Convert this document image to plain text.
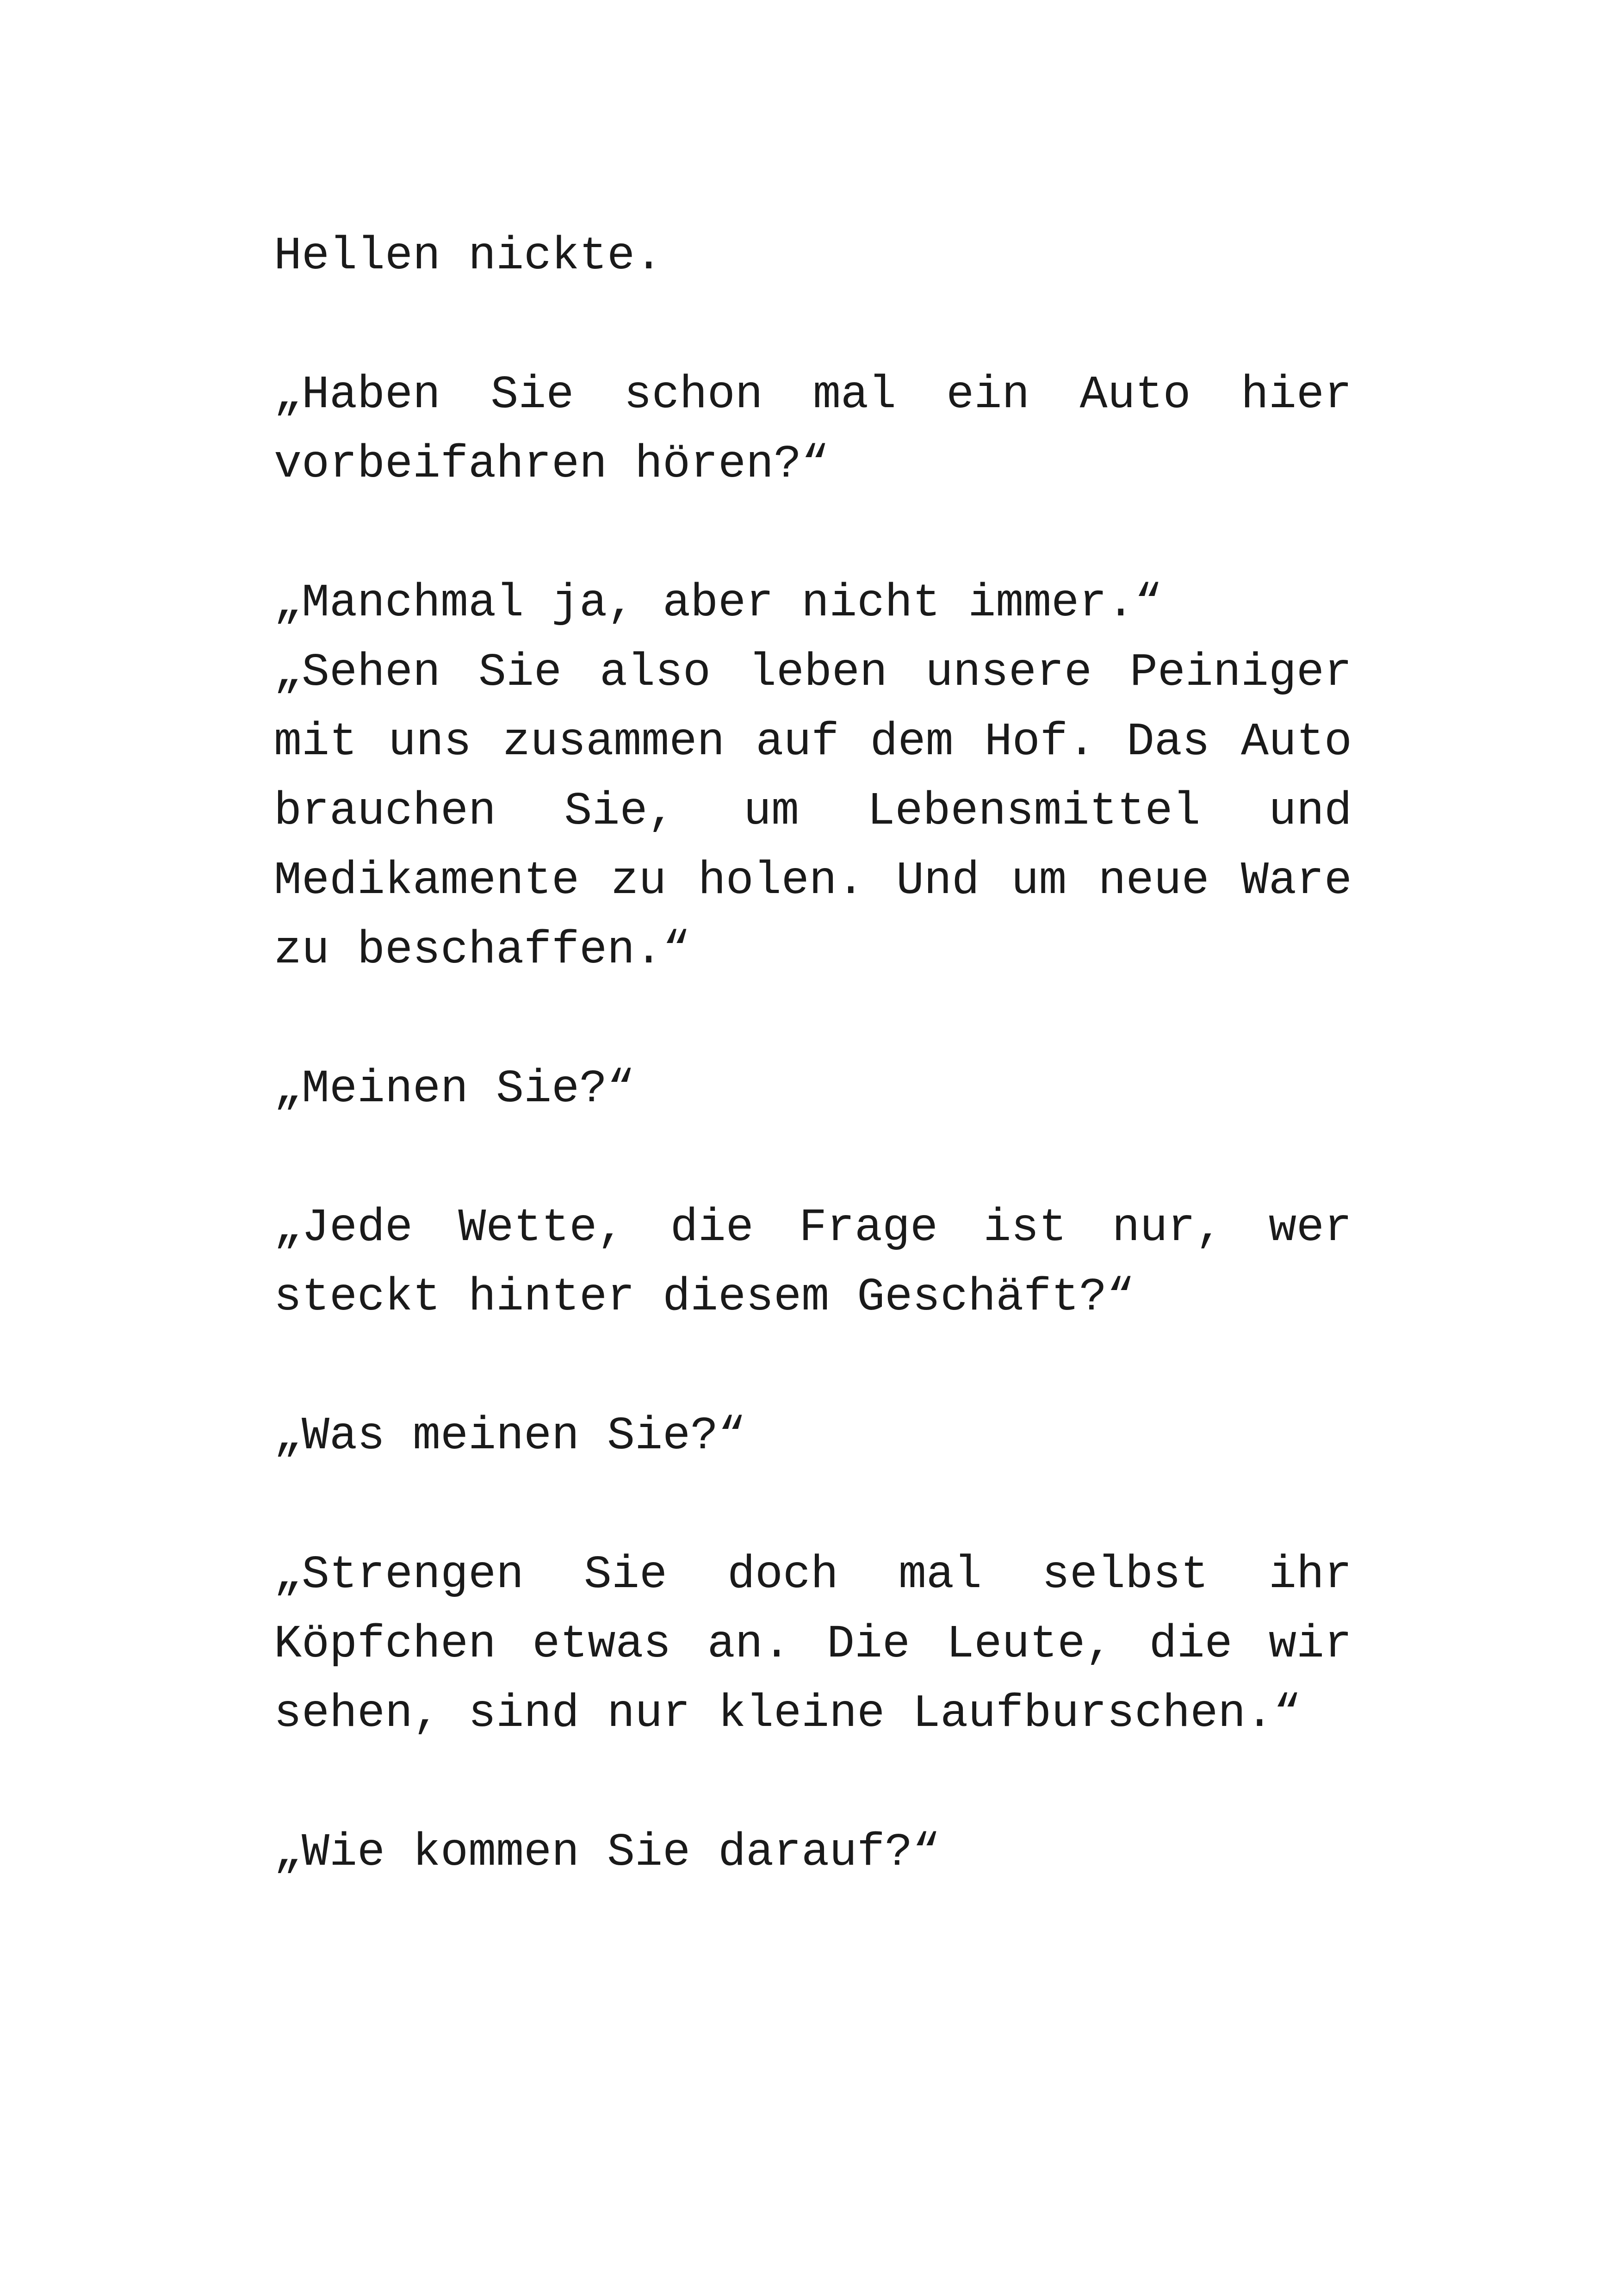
Hellen nickte.

„Haben Sie schon mal ein Auto hier vorbeifahren hören?“

„Manchmal ja, aber nicht immer.“

„Sehen Sie also leben unsere Peiniger mit uns zusammen auf dem Hof. Das Auto brauchen Sie, um Lebensmittel und Medikamente zu holen. Und um neue Ware zu beschaffen.“

„Meinen Sie?“

„Jede Wette, die Frage ist nur, wer steckt hinter diesem Geschäft?“

„Was meinen Sie?“

„Strengen Sie doch mal selbst ihr Köpfchen etwas an. Die Leute, die wir sehen, sind nur kleine Laufburschen.“

„Wie kommen Sie darauf?“
